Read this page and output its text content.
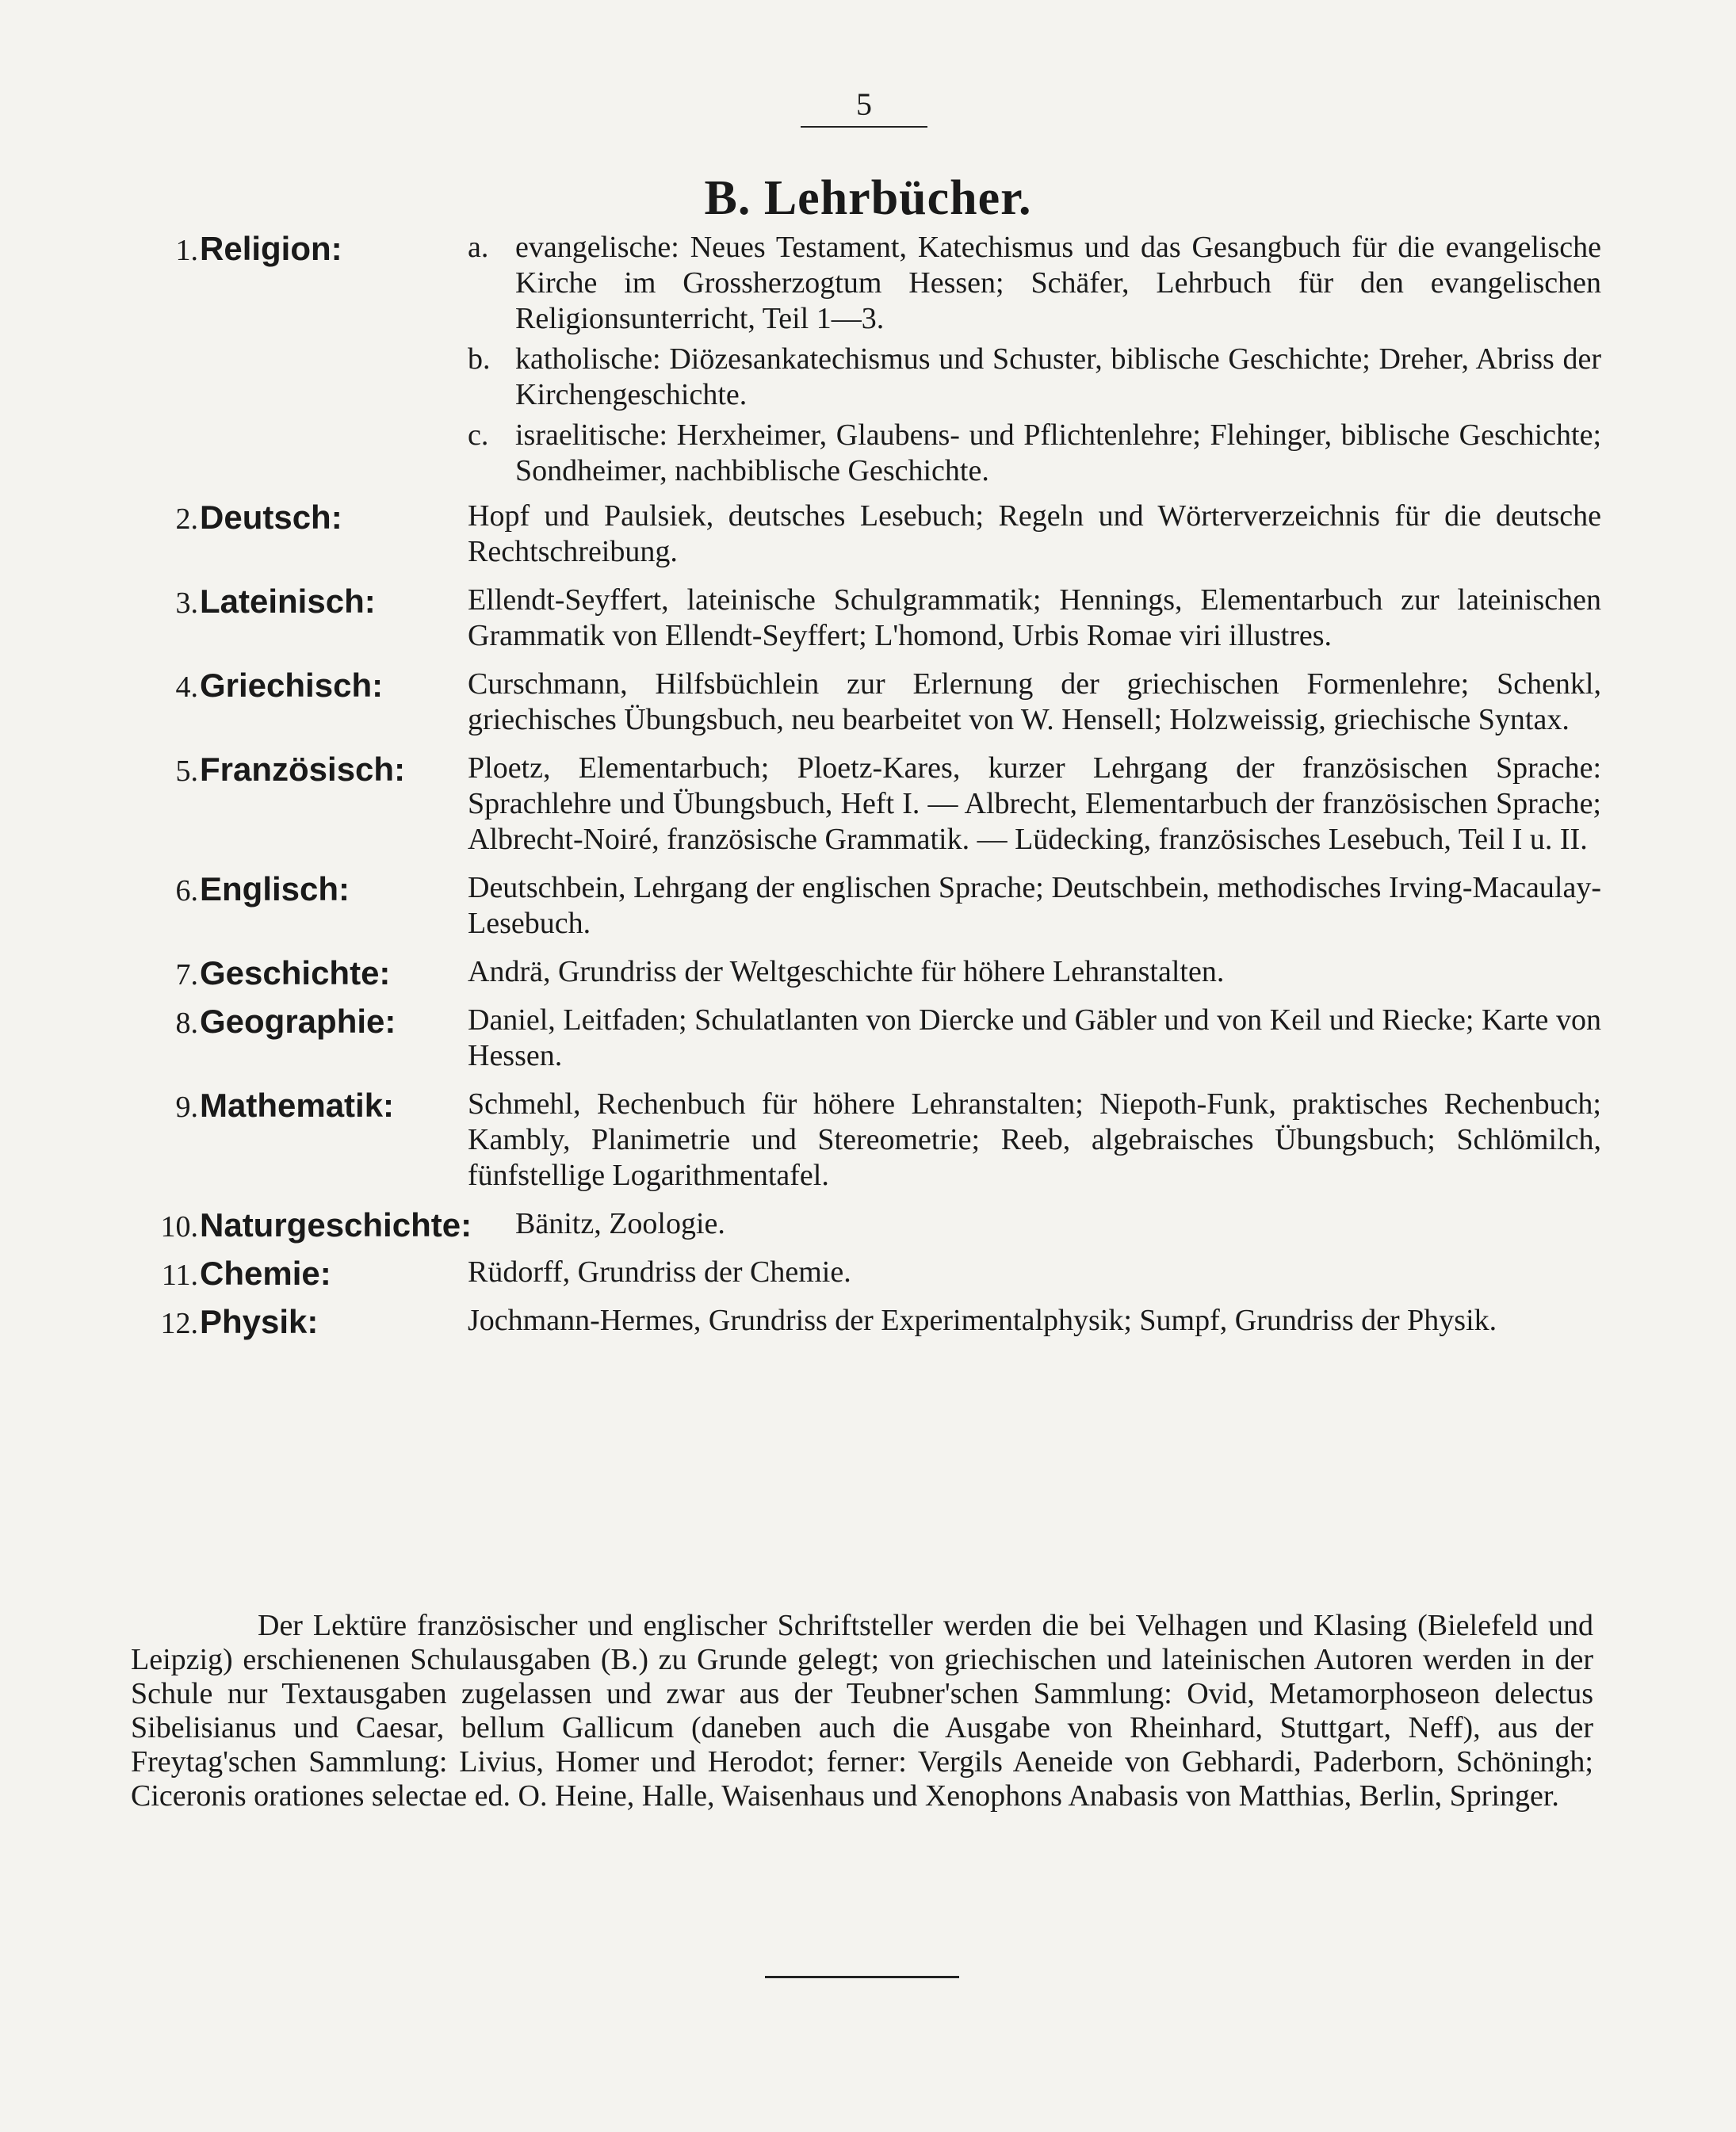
5
B. Lehrbücher.
1. Religion:	a. evangelische: Neues Testament, Katechismus und das Gesangbuch für die evangelische Kirche im Grossherzogtum Hessen; Schäfer, Lehrbuch für den evangelischen Religionsunterricht, Teil 1—3.
b. katholische: Diözesankatechismus und Schuster, biblische Geschichte; Dreher, Abriss der Kirchengeschichte.
c. israelitische: Herxheimer, Glaubens- und Pflichtenlehre; Flehinger, biblische Geschichte; Sondheimer, nachbiblische Geschichte.
2. Deutsch:	Hopf und Paulsiek, deutsches Lesebuch; Regeln und Wörterverzeichnis für die deutsche Rechtschreibung.
3. Lateinisch:	Ellendt-Seyffert, lateinische Schulgrammatik; Hennings, Elementarbuch zur lateinischen Grammatik von Ellendt-Seyffert; L'homond, Urbis Romae viri illustres.
4. Griechisch:	Curschmann, Hilfsbüchlein zur Erlernung der griechischen Formenlehre; Schenkl, griechisches Übungsbuch, neu bearbeitet von W. Hensell; Holzweissig, griechische Syntax.
5. Französisch: Ploetz, Elementarbuch; Ploetz-Kares, kurzer Lehrgang der französischen Sprache: Sprachlehre und Übungsbuch, Heft I. — Albrecht, Elementarbuch der französischen Sprache; Albrecht-Noiré, französische Grammatik. — Lüdecking, französisches Lesebuch, Teil I u. II.
6. Englisch:	Deutschbein, Lehrgang der englischen Sprache; Deutschbein, methodisches Irving-Macaulay-Lesebuch.
7. Geschichte:	Andrä, Grundriss der Weltgeschichte für höhere Lehranstalten.
8. Geographie: Daniel, Leitfaden; Schulatlanten von Diercke und Gäbler und von Keil und Riecke; Karte von Hessen.
9. Mathematik: Schmehl, Rechenbuch für höhere Lehranstalten; Niepoth-Funk, praktisches Rechenbuch; Kambly, Planimetrie und Stereometrie; Reeb, algebraisches Übungsbuch; Schlömilch, fünfstellige Logarithmentafel.
10. Naturgeschichte: Bänitz, Zoologie.
11. Chemie:	Rüdorff, Grundriss der Chemie.
12. Physik:	Jochmann-Hermes, Grundriss der Experimentalphysik; Sumpf, Grundriss der Physik.
Der Lektüre französischer und englischer Schriftsteller werden die bei Velhagen und Klasing (Bielefeld und Leipzig) erschienenen Schulausgaben (B.) zu Grunde gelegt; von griechischen und lateinischen Autoren werden in der Schule nur Textausgaben zugelassen und zwar aus der Teubner'schen Sammlung: Ovid, Metamorphoseon delectus Sibelisianus und Caesar, bellum Gallicum (daneben auch die Ausgabe von Rheinhard, Stuttgart, Neff), aus der Freytag'schen Sammlung: Livius, Homer und Herodot; ferner: Vergils Aeneide von Gebhardi, Paderborn, Schöningh; Ciceronis orationes selectae ed. O. Heine, Halle, Waisenhaus und Xenophons Anabasis von Matthias, Berlin, Springer.
